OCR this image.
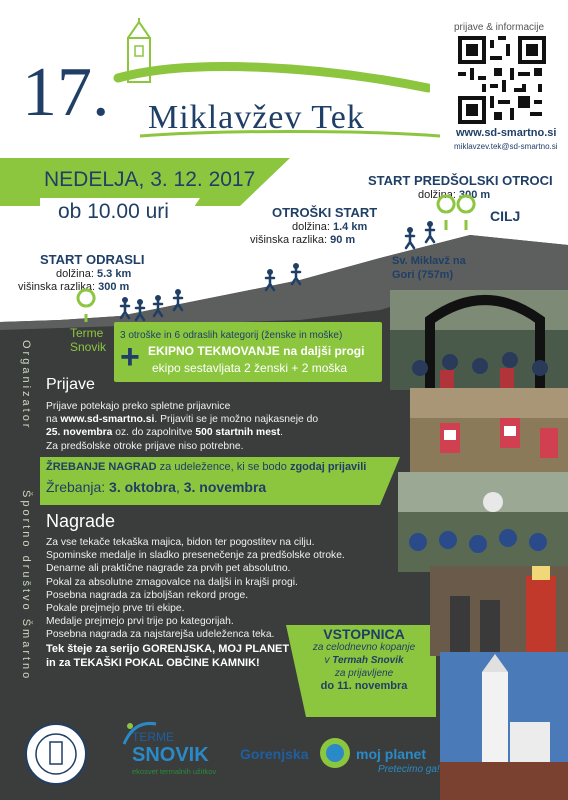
17. Miklavžev Tek
prijave & informacije
www.sd-smartno.si
miklavzev.tek@sd-smartno.si
NEDELJA, 3. 12. 2017
ob 10.00 uri
START PREDŠOLSKI OTROCI
dolžina: 300 m
OTROŠKI START
dolžina: 1.4 km
višinska razlika: 90 m
CILJ
START ODRASLI
dolžina: 5.3 km
višinska razlika: 300 m
Sv. Miklavž na Gori (757m)
Terme Snovik
3 otroške in 6 odraslih kategorij (ženske in moške)
+ EKIPNO TEKMOVANJE na daljši progi
ekipo sestavljata 2 ženski + 2 moška
Organizator
Športno društvo Šmartno
Prijave
Prijave potekajo preko spletne prijavnice
na www.sd-smartno.si. Prijaviti se je možno najkasneje do
25. novembra oz. do zapolnitve 500 startnih mest.
Za predšolske otroke prijave niso potrebne.
ŽREBANJE NAGRAD za udeležence, ki se bodo zgodaj prijavili
Žrebanja: 3. oktobra, 3. novembra
Nagrade
Za vse tekače tekaška majica, bidon ter pogostitev na cilju.
Spominske medalje in sladko presenečenje za predšolske otroke.
Denarne ali praktične nagrade za prvih pet absolutno.
Pokal za absolutne zmagovalce na daljši in krajši progi.
Posebna nagrada za izboljšan rekord proge.
Pokale prejmejo prve tri ekipe.
Medalje prejmejo prvi trije po kategorijah.
Posebna nagrada za najstarejša udeleženca teka.
Tek šteje za serijo GORENJSKA, MOJ PLANET
in za TEKAŠKI POKAL OBČINE KAMNIK!
VSTOPNICA
za celodnevno kopanje
v Termah Snovik
za prijavljene
do 11. novembra
TERME
SNOVIK
ekosvet termalnih užitkov
Gorenjska	moj planet
Pretecimo ga!
